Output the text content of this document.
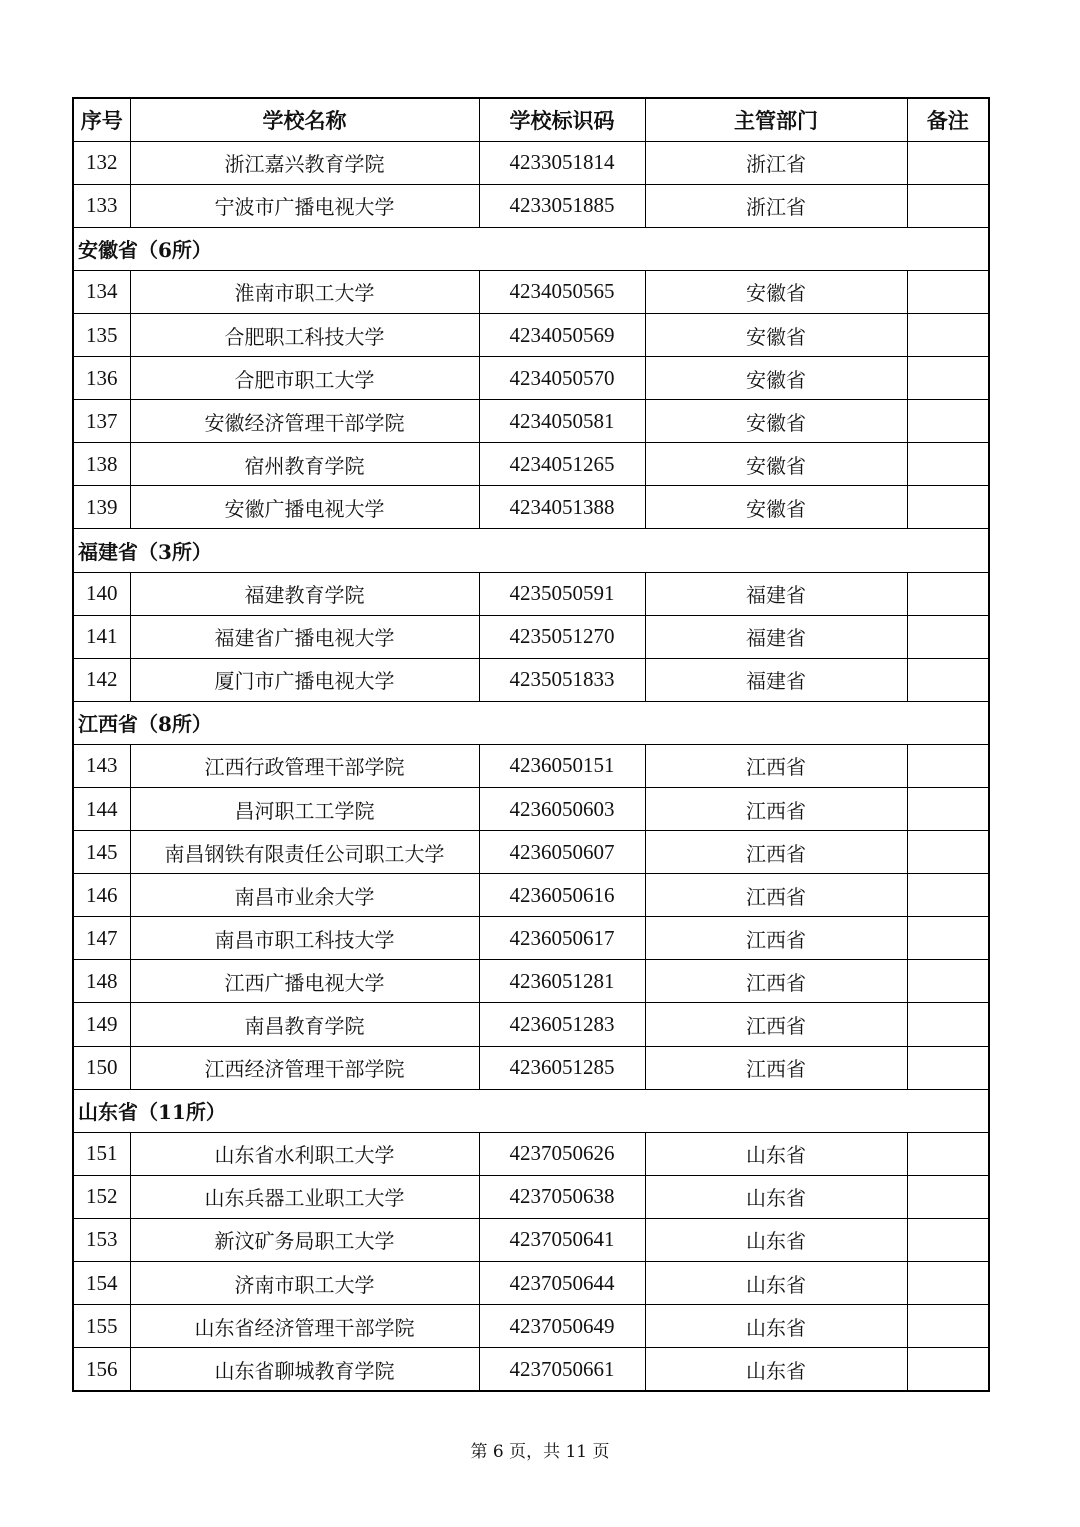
序号	学校名称	学校标识码	主管部门	备注
132	浙江嘉兴教育学院	4233051814	浙江省	
133	宁波市广播电视大学	4233051885	浙江省	
安徽省（6所）				
134	淮南市职工大学	4234050565	安徽省	
135	合肥职工科技大学	4234050569	安徽省	
136	合肥市职工大学	4234050570	安徽省	
137	安徽经济管理干部学院	4234050581	安徽省	
138	宿州教育学院	4234051265	安徽省	
139	安徽广播电视大学	4234051388	安徽省	
福建省（3所）				
140	福建教育学院	4235050591	福建省	
141	福建省广播电视大学	4235051270	福建省	
142	厦门市广播电视大学	4235051833	福建省	
江西省（8所）				
143	江西行政管理干部学院	4236050151	江西省	
144	昌河职工工学院	4236050603	江西省	
145	南昌钢铁有限责任公司职工大学	4236050607	江西省	
146	南昌市业余大学	4236050616	江西省	
147	南昌市职工科技大学	4236050617	江西省	
148	江西广播电视大学	4236051281	江西省	
149	南昌教育学院	4236051283	江西省	
150	江西经济管理干部学院	4236051285	江西省	
山东省（11所）				
151	山东省水利职工大学	4237050626	山东省	
152	山东兵器工业职工大学	4237050638	山东省	
153	新汶矿务局职工大学	4237050641	山东省	
154	济南市职工大学	4237050644	山东省	
155	山东省经济管理干部学院	4237050649	山东省	
156	山东省聊城教育学院	4237050661	山东省	
第 6 页，共 11 页
